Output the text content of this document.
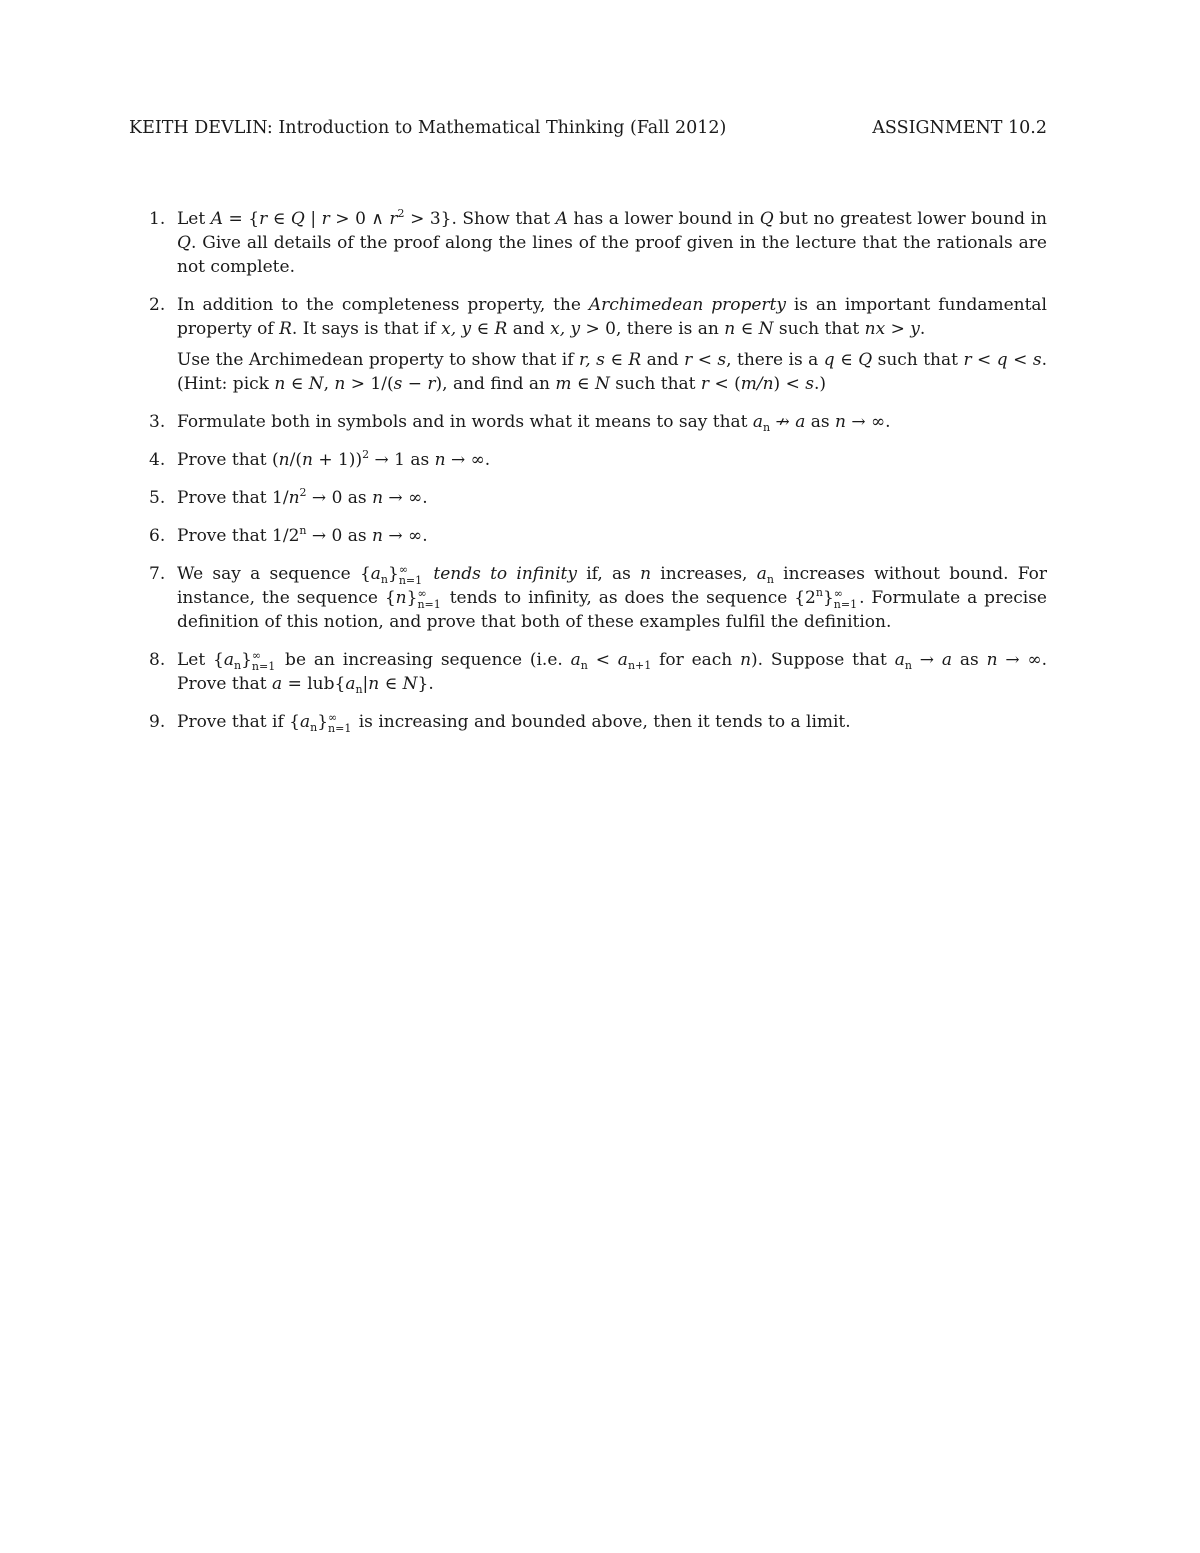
KEITH DEVLIN: Introduction to Mathematical Thinking (Fall 2012)	ASSIGNMENT 10.2
1. Let A = {r ∈ Q | r > 0 ∧ $r^2 > 3$}. Show that A has a lower bound in Q but no greatest lower bound in Q. Give all details of the proof along the lines of the proof given in the lecture that the rationals are not complete.

2. In addition to the completeness property, the Archimedean property is an important fundamental property of R. It says is that if x, y ∈ R and x, y > 0, there is an n ∈ N such that nx > y.

Use the Archimedean property to show that if r, s ∈ R and r < s, there is a q ∈ Q such that r < q < s. (Hint: pick n ∈ N, n > 1/(s − r), and find an m ∈ N such that r < (m/n) < s.)

3. Formulate both in symbols and in words what it means to say that $a_n$ ↛ a as n → ∞.

4. Prove that $(n/(n + 1))^2 \to 1$ as n → ∞.

5. Prove that $1/n^2 \to 0$ as n → ∞.

6. Prove that $1/2^n \to 0$ as n → ∞.

7. We say a sequence $\{a_n\}$ ∞
n=1 tends to infinity if, as n increases, $a_n$ increases without bound. For instance, the sequence {n} ∞
n=1 tends to infinity, as does the sequence {2$^n$} ∞
n=1 . Formulate a precise definition of this notion, and prove that both of these examples fulfil the definition.

8. Let $\{a_n\}$ ∞
n=1 be an increasing sequence (i.e. $a_n < a_{n+1}$ for each n). Suppose that $a_n \to a$ as n → ∞. Prove that $a = lub\{a_n|n$ ∈ N}.

9. Prove that if $\{a_n\}$ ∞
n=1 is increasing and bounded above, then it tends to a limit.
